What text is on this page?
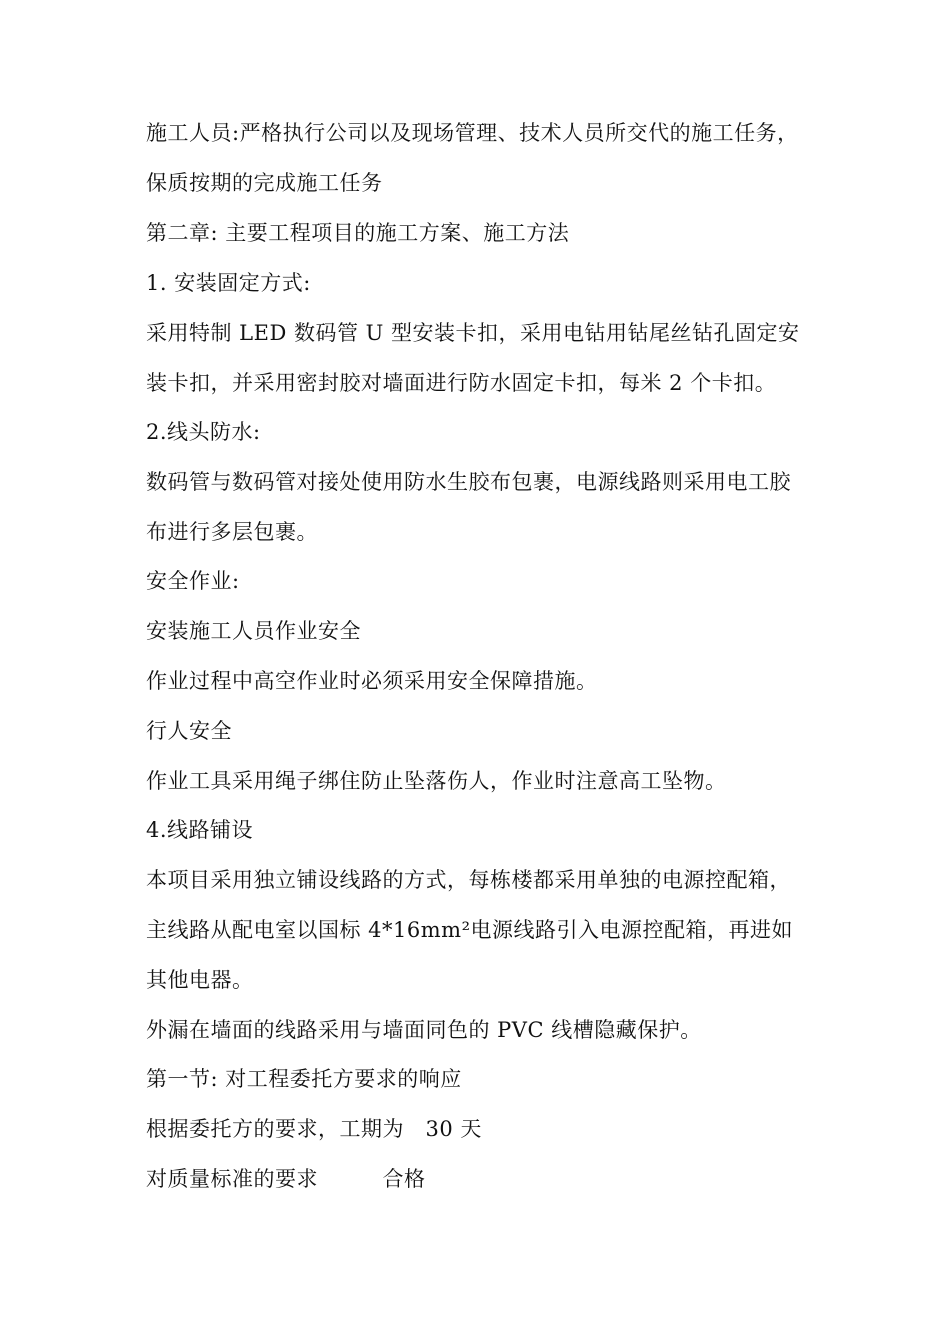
施工人员:严格执行公司以及现场管理、技术人员所交代的施工任务，
保质按期的完成施工任务
第二章: 主要工程项目的施工方案、施工方法
1. 安装固定方式:
采用特制 LED 数码管 U 型安装卡扣，采用电钻用钻尾丝钻孔固定安
装卡扣，并采用密封胶对墙面进行防水固定卡扣，每米 2 个卡扣。
2.线头防水:
数码管与数码管对接处使用防水生胶布包裹，电源线路则采用电工胶
布进行多层包裹。
安全作业:
安装施工人员作业安全
作业过程中高空作业时必须采用安全保障措施。
行人安全
作业工具采用绳子绑住防止坠落伤人，作业时注意高工坠物。
4.线路铺设
本项目采用独立铺设线路的方式，每栋楼都采用单独的电源控配箱，
主线路从配电室以国标 4*16mm²电源线路引入电源控配箱，再进如
其他电器。
外漏在墙面的线路采用与墙面同色的 PVC 线槽隐藏保护。
第一节: 对工程委托方要求的响应
根据委托方的要求，工期为　30 天
对质量标准的要求　　　合格
